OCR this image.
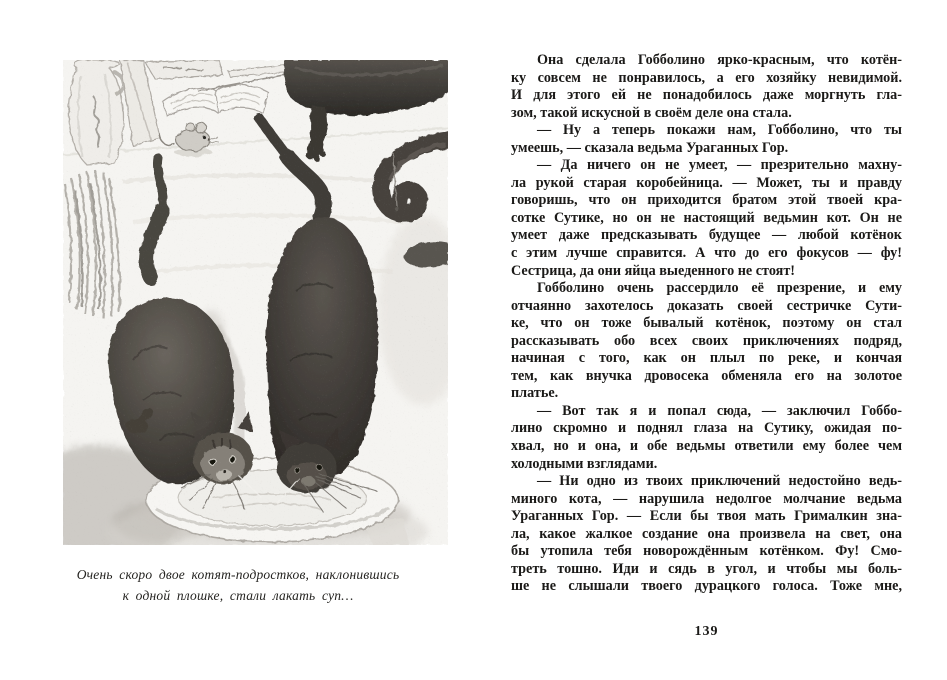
Очень скоро двое котят-подростков, наклонившись
к одной плошке, стали лакать суп…
Она сделала Гобболино ярко-красным, что котён-
ку совсем не понравилось, а его хозяйку невидимой.
И для этого ей не понадобилось даже моргнуть гла-
зом, такой искусной в своём деле она стала.
— Ну а теперь покажи нам, Гобболино, что ты
умеешь, — сказала ведьма Ураганных Гор.
— Да ничего он не умеет, — презрительно махну-
ла рукой старая коробейница. — Может, ты и правду
говоришь, что он приходится братом этой твоей кра-
сотке Сутике, но он не настоящий ведьмин кот. Он не
умеет даже предсказывать будущее — любой котёнок
с этим лучше справится. А что до его фокусов — фу!
Сестрица, да они яйца выеденного не стоят!
Гобболино очень рассердило её презрение, и ему
отчаянно захотелось доказать своей сестричке Сути-
ке, что он тоже бывалый котёнок, поэтому он стал
рассказывать обо всех своих приключениях подряд,
начиная с того, как он плыл по реке, и кончая
тем, как внучка дровосека обменяла его на золотое
платье.
— Вот так я и попал сюда, — заключил Гоббо-
лино скромно и поднял глаза на Сутику, ожидая по-
хвал, но и она, и обе ведьмы ответили ему более чем
холодными взглядами.
— Ни одно из твоих приключений недостойно ведь-
миного кота, — нарушила недолгое молчание ведьма
Ураганных Гор. — Если бы твоя мать Грималкин зна-
ла, какое жалкое создание она произвела на свет, она
бы утопила тебя новорождённым котёнком. Фу! Смо-
треть тошно. Иди и сядь в угол, и чтобы мы боль-
ше не слышали твоего дурацкого голоса. Тоже мне,
139
